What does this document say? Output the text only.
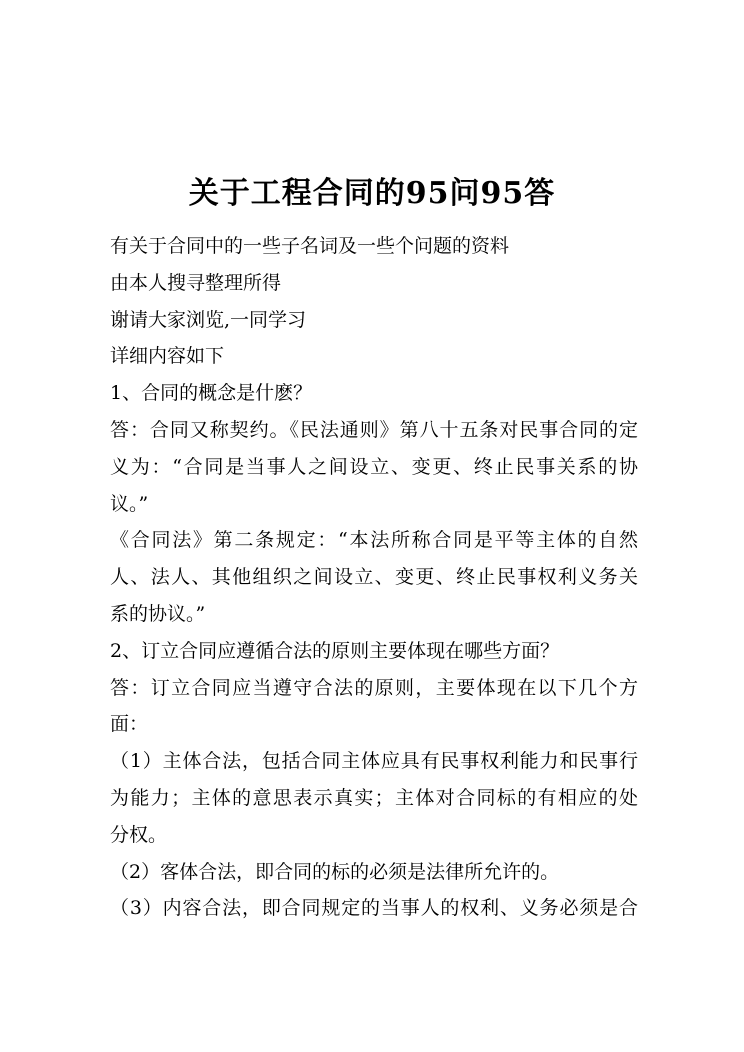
关于工程合同的95问95答
有关于合同中的一些子名词及一些个问题的资料
由本人搜寻整理所得
谢请大家浏览,一同学习
详细内容如下
1、合同的概念是什麽？
答：合同又称契约。《民法通则》第八十五条对民事合同的定
义为：“合同是当事人之间设立、变更、终止民事关系的协
议。”
《合同法》第二条规定：“本法所称合同是平等主体的自然
人、法人、其他组织之间设立、变更、终止民事权利义务关
系的协议。”
2、订立合同应遵循合法的原则主要体现在哪些方面？
答：订立合同应当遵守合法的原则，主要体现在以下几个方
面：
（1）主体合法，包括合同主体应具有民事权利能力和民事行
为能力；主体的意思表示真实；主体对合同标的有相应的处
分权。
（2）客体合法，即合同的标的必须是法律所允许的。
（3）内容合法，即合同规定的当事人的权利、义务必须是合
